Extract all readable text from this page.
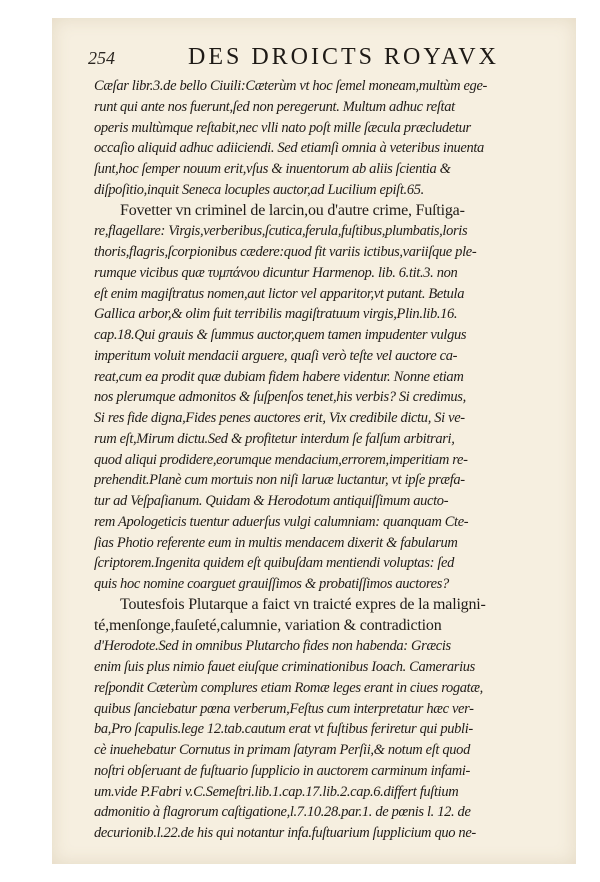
254	DES DROICTS ROYAVX
Cæſar libr.3.de bello Ciuili:Cæterùm vt hoc ſemel moneam,multùm ege-
runt qui ante nos fuerunt,ſed non peregerunt. Multum adhuc reſtat
operis multùmque reſtabit,nec vlli nato poſt mille ſæcula præcludetur
occaſio aliquid adhuc adiiciendi. Sed etiamſi omnia à veteribus inuenta
ſunt,hoc ſemper nouum erit,vſus & inuentorum ab aliis ſcientia &
diſpoſitio,inquit Seneca locuples auctor,ad Lucilium epiſt.65.
Fovetter vn criminel de larcin,ou d'autre crime, Fuſtiga-
re,flagellare: Virgis,verberibus,ſcutica,ferula,fuſtibus,plumbatis,loris
thoris,flagris,ſcorpionibus cædere:quod fit variis ictibus,variiſque ple-
rumque vicibus quæ τυμπάνου dicuntur Harmenop. lib. 6.tit.3. non
eſt enim magiſtratus nomen,aut lictor vel apparitor,vt putant. Betula
Gallica arbor,& olim fuit terribilis magiſtratuum virgis,Plin.lib.16.
cap.18.Qui grauis & ſummus auctor,quem tamen impudenter vulgus
imperitum voluit mendacii arguere, quaſi verò teſte vel auctore ca-
reat,cum ea prodit quæ dubiam fidem habere videntur. Nonne etiam
nos plerumque admonitos & ſuſpenſos tenet,his verbis? Si credimus,
Si res fide digna,Fides penes auctores erit, Vix credibile dictu, Si ve-
rum eſt,Mirum dictu.Sed & profitetur interdum ſe falſum arbitrari,
quod aliqui prodidere,eorumque mendacium,errorem,imperitiam re-
prehendit.Planè cum mortuis non niſi laruæ luctantur, vt ipſe præfa-
tur ad Veſpaſianum. Quidam & Herodotum antiquiſſimum aucto-
rem Apologeticis tuentur aduerſus vulgi calumniam: quanquam Cte-
ſias Photio referente eum in multis mendacem dixerit & fabularum
ſcriptorem.Ingenita quidem eſt quibuſdam mentiendi voluptas: ſed
quis hoc nomine coarguet grauiſſimos & probatiſſimos auctores?
Toutesfois Plutarque a faict vn traicté expres de la maligni-
té,menſonge,fauſeté,calumnie, variation & contradiction
d'Herodote.Sed in omnibus Plutarcho fides non habenda: Græcis
enim ſuis plus nimio fauet eiuſque criminationibus Ioach. Camerarius
reſpondit Cæterùm complures etiam Romæ leges erant in ciues rogatæ,
quibus ſanciebatur pœna verberum,Feſtus cum interpretatur hæc ver-
ba,Pro ſcapulis.lege 12.tab.cautum erat vt fuſtibus ferіretur qui publi-
cè inuehebatur Cornutus in primam ſatyram Perſii,& notum eſt quod
noſtri obſeruant de fuſtuario ſupplicio in auctorem carminum infami-
um.vide P.Fabri v.C.Semeſtri.lib.1.cap.17.lib.2.cap.6.differt fuſtium
admonitio à flagrorum caſtigatione,l.7.10.28.par.1. de pœnis l. 12. de
decurionib.l.22.de his qui notantur infa.fuſtuarium ſupplicium quo ne-
